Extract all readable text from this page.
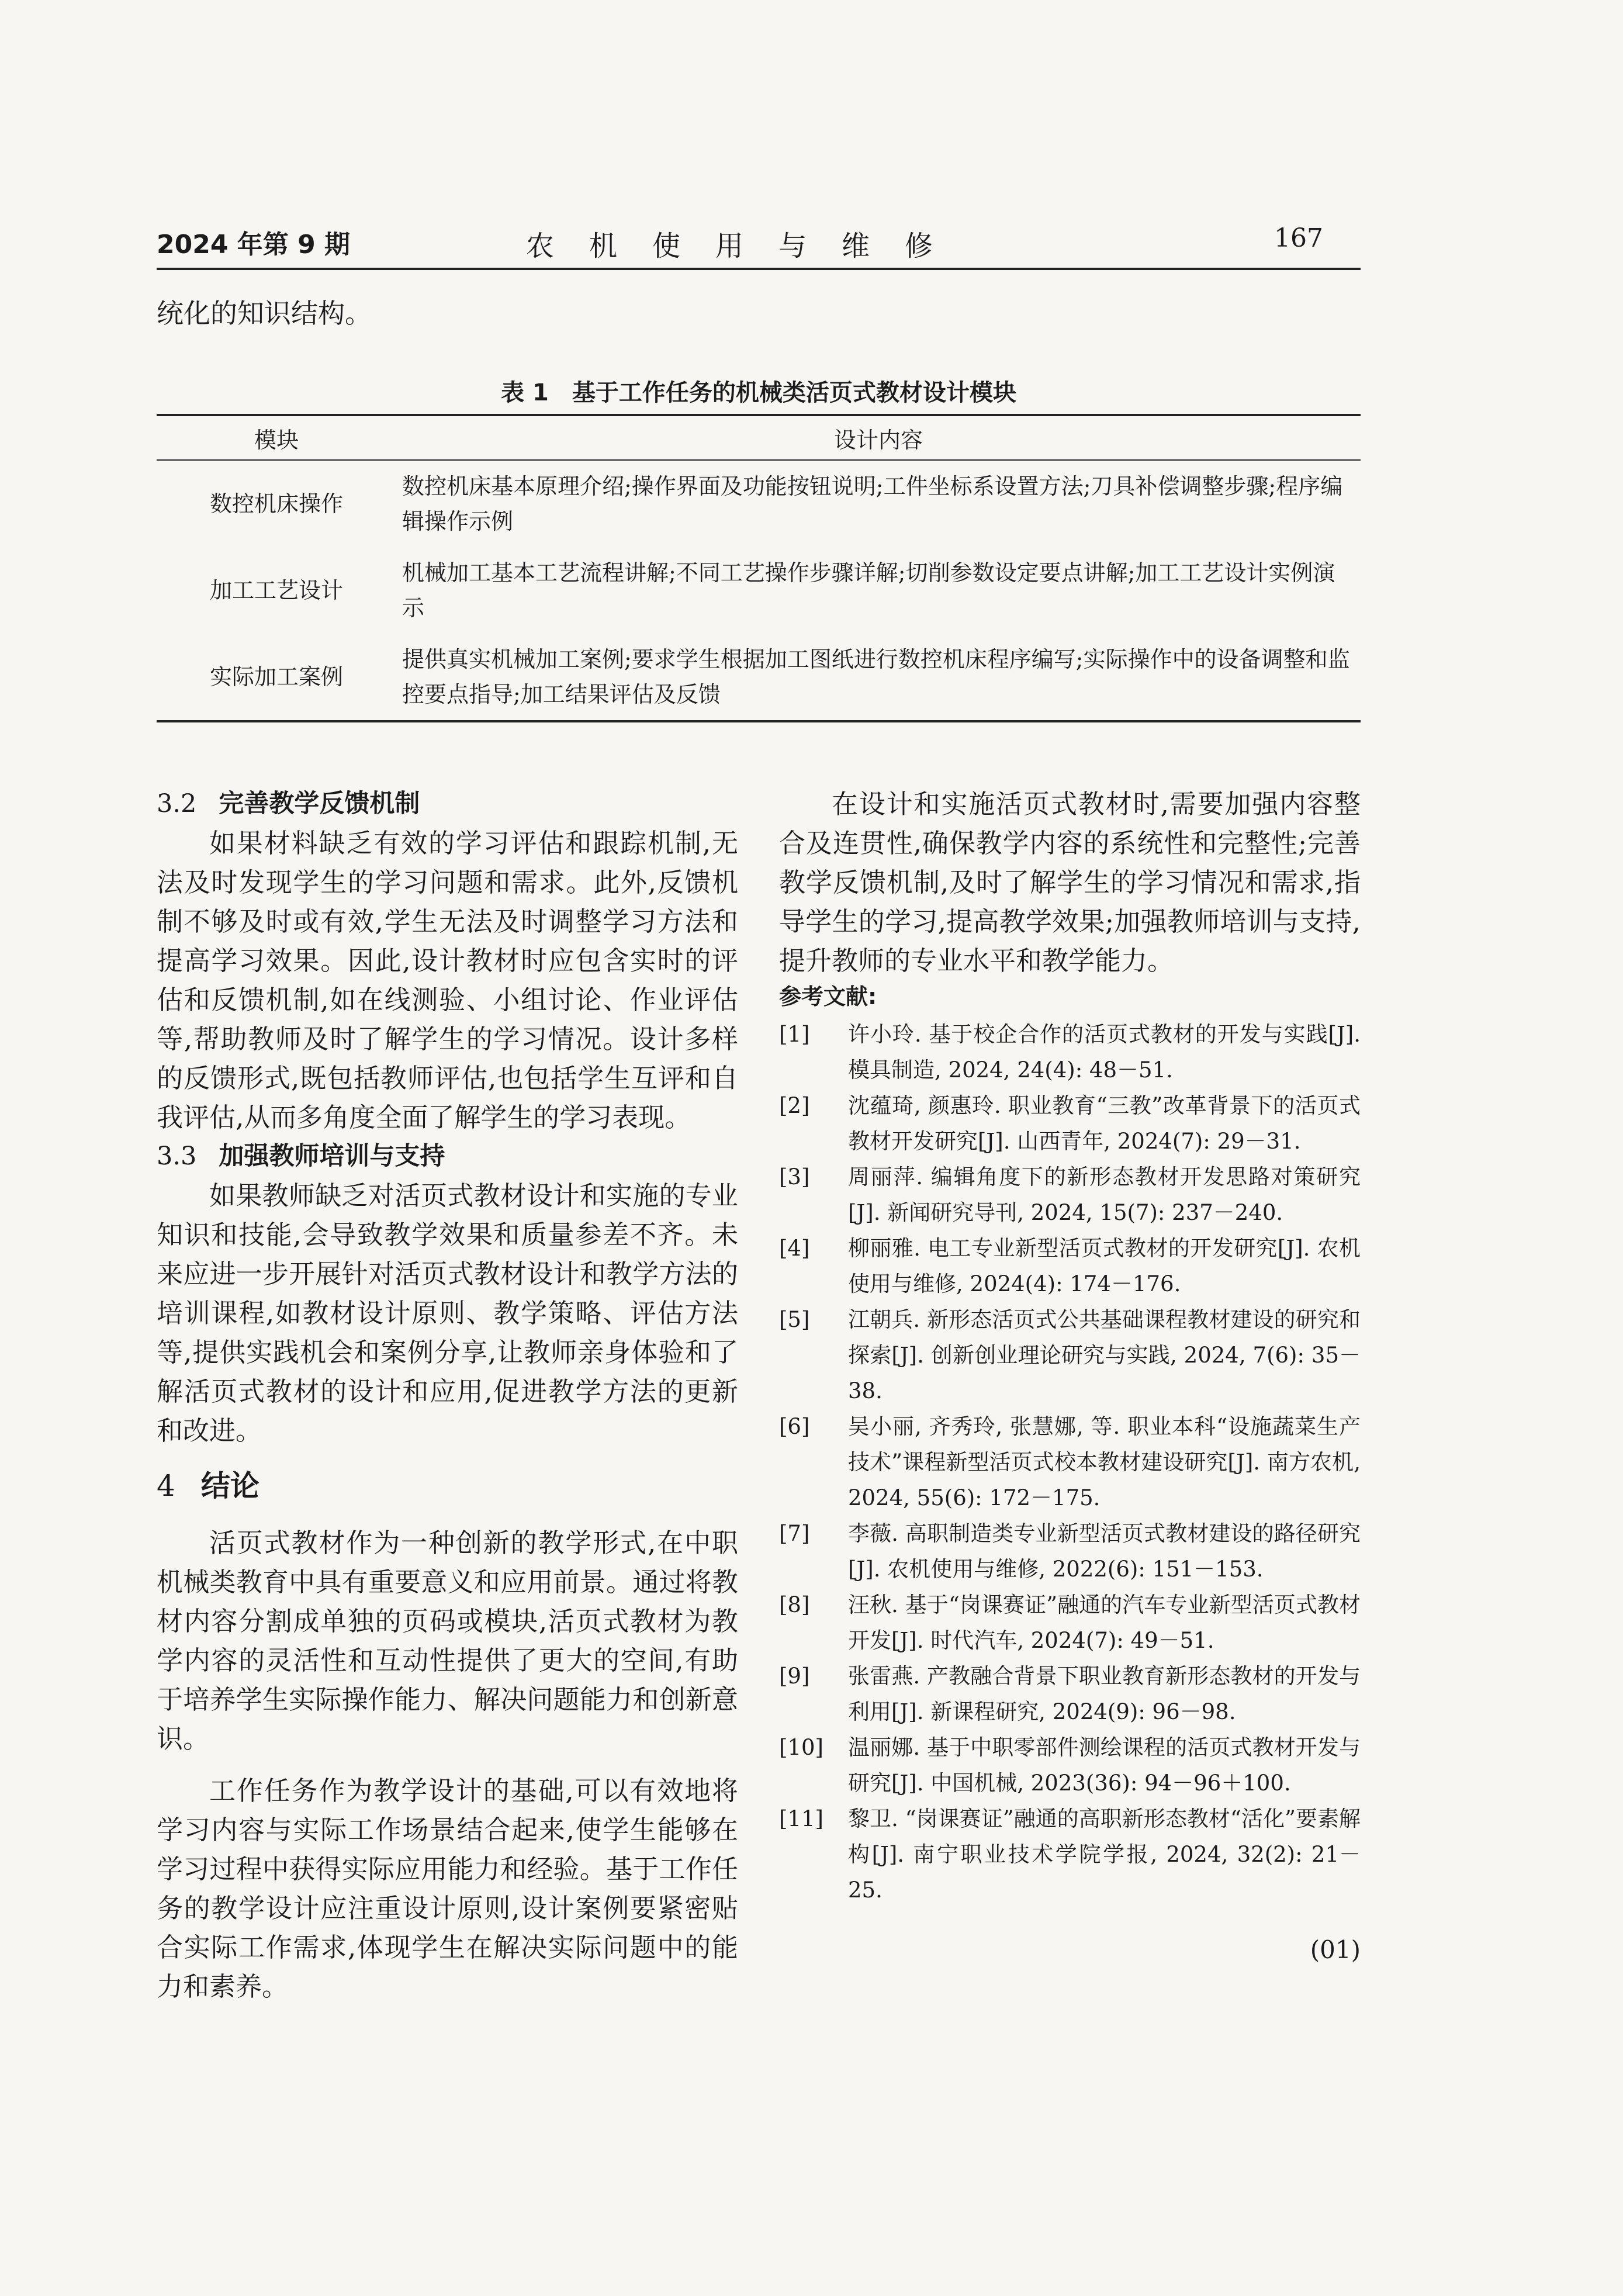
2024 年第 9 期	农机使用与维修	167
统化的知识结构。
表 1　基于工作任务的机械类活页式教材设计模块
模块	设计内容
数控机床操作	数控机床基本原理介绍;操作界面及功能按钮说明;工件坐标系设置方法;刀具补偿调整步骤;程序编辑操作示例
加工工艺设计	机械加工基本工艺流程讲解;不同工艺操作步骤详解;切削参数设定要点讲解;加工工艺设计实例演示
实际加工案例	提供真实机械加工案例;要求学生根据加工图纸进行数控机床程序编写;实际操作中的设备调整和监控要点指导;加工结果评估及反馈

3.2 完善教学反馈机制

如果材料缺乏有效的学习评估和跟踪机制,无法及时发现学生的学习问题和需求。此外,反馈机制不够及时或有效,学生无法及时调整学习方法和提高学习效果。因此,设计教材时应包含实时的评估和反馈机制,如在线测验、小组讨论、作业评估等,帮助教师及时了解学生的学习情况。设计多样的反馈形式,既包括教师评估,也包括学生互评和自我评估,从而多角度全面了解学生的学习表现。

3.3 加强教师培训与支持

如果教师缺乏对活页式教材设计和实施的专业知识和技能,会导致教学效果和质量参差不齐。未来应进一步开展针对活页式教材设计和教学方法的培训课程,如教材设计原则、教学策略、评估方法等,提供实践机会和案例分享,让教师亲身体验和了解活页式教材的设计和应用,促进教学方法的更新和改进。

4 结论

活页式教材作为一种创新的教学形式,在中职机械类教育中具有重要意义和应用前景。通过将教材内容分割成单独的页码或模块,活页式教材为教学内容的灵活性和互动性提供了更大的空间,有助于培养学生实际操作能力、解决问题能力和创新意识。

工作任务作为教学设计的基础,可以有效地将学习内容与实际工作场景结合起来,使学生能够在学习过程中获得实际应用能力和经验。基于工作任务的教学设计应注重设计原则,设计案例要紧密贴合实际工作需求,体现学生在解决实际问题中的能力和素养。

在设计和实施活页式教材时,需要加强内容整合及连贯性,确保教学内容的系统性和完整性;完善教学反馈机制,及时了解学生的学习情况和需求,指导学生的学习,提高教学效果;加强教师培训与支持,提升教师的专业水平和教学能力。

参考文献:
[1]	许小玲. 基于校企合作的活页式教材的开发与实践[J]. 模具制造, 2024, 24(4): 48－51.
[2]	沈蕴琦, 颜惠玲. 职业教育“三教”改革背景下的活页式教材开发研究[J]. 山西青年, 2024(7): 29－31.
[3]	周丽萍. 编辑角度下的新形态教材开发思路对策研究[J]. 新闻研究导刊, 2024, 15(7): 237－240.
[4]	柳丽雅. 电工专业新型活页式教材的开发研究[J]. 农机使用与维修, 2024(4): 174－176.
[5]	江朝兵. 新形态活页式公共基础课程教材建设的研究和探索[J]. 创新创业理论研究与实践, 2024, 7(6): 35－38.
[6]	吴小丽, 齐秀玲, 张慧娜, 等. 职业本科“设施蔬菜生产技术”课程新型活页式校本教材建设研究[J]. 南方农机, 2024, 55(6): 172－175.
[7]	李薇. 高职制造类专业新型活页式教材建设的路径研究[J]. 农机使用与维修, 2022(6): 151－153.
[8]	汪秋. 基于“岗课赛证”融通的汽车专业新型活页式教材开发[J]. 时代汽车, 2024(7): 49－51.
[9]	张雷燕. 产教融合背景下职业教育新形态教材的开发与利用[J]. 新课程研究, 2024(9): 96－98.
[10]	温丽娜. 基于中职零部件测绘课程的活页式教材开发与研究[J]. 中国机械, 2023(36): 94－96＋100.
[11]	黎卫. “岗课赛证”融通的高职新形态教材“活化”要素解构[J]. 南宁职业技术学院学报, 2024, 32(2): 21－25.
(01)
